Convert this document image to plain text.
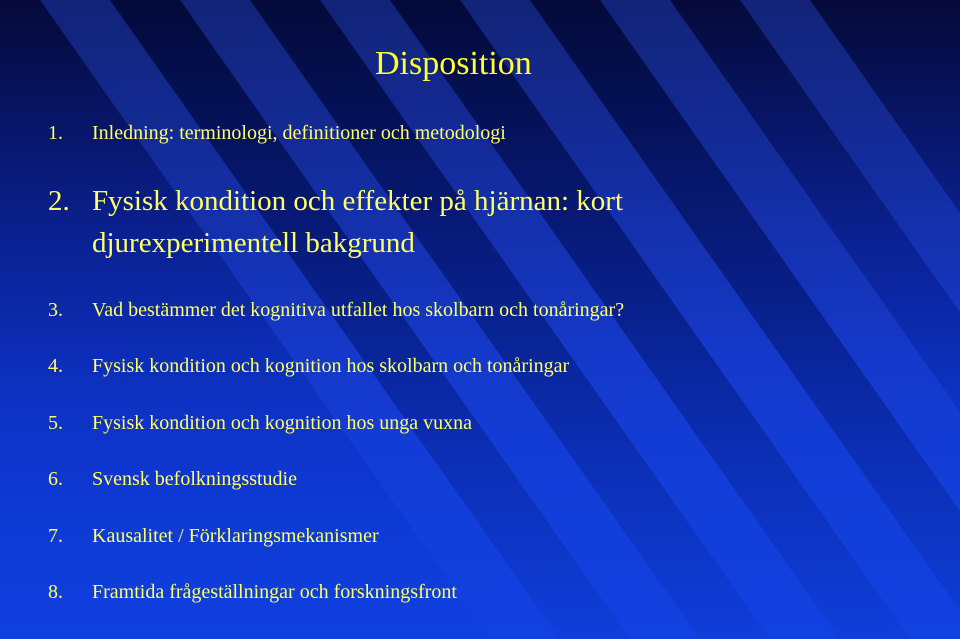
Disposition
1.	Inledning: terminologi, definitioner och metodologi
2. Fysisk kondition och effekter på hjärnan: kort djurexperimentell bakgrund
3.	Vad bestämmer det kognitiva utfallet hos skolbarn och tonåringar?
4.	Fysisk kondition och kognition hos skolbarn och tonåringar
5.	Fysisk kondition och kognition hos unga vuxna
6.	Svensk befolkningsstudie
7.	Kausalitet / Förklaringsmekanismer
8.	Framtida frågeställningar och forskningsfront
